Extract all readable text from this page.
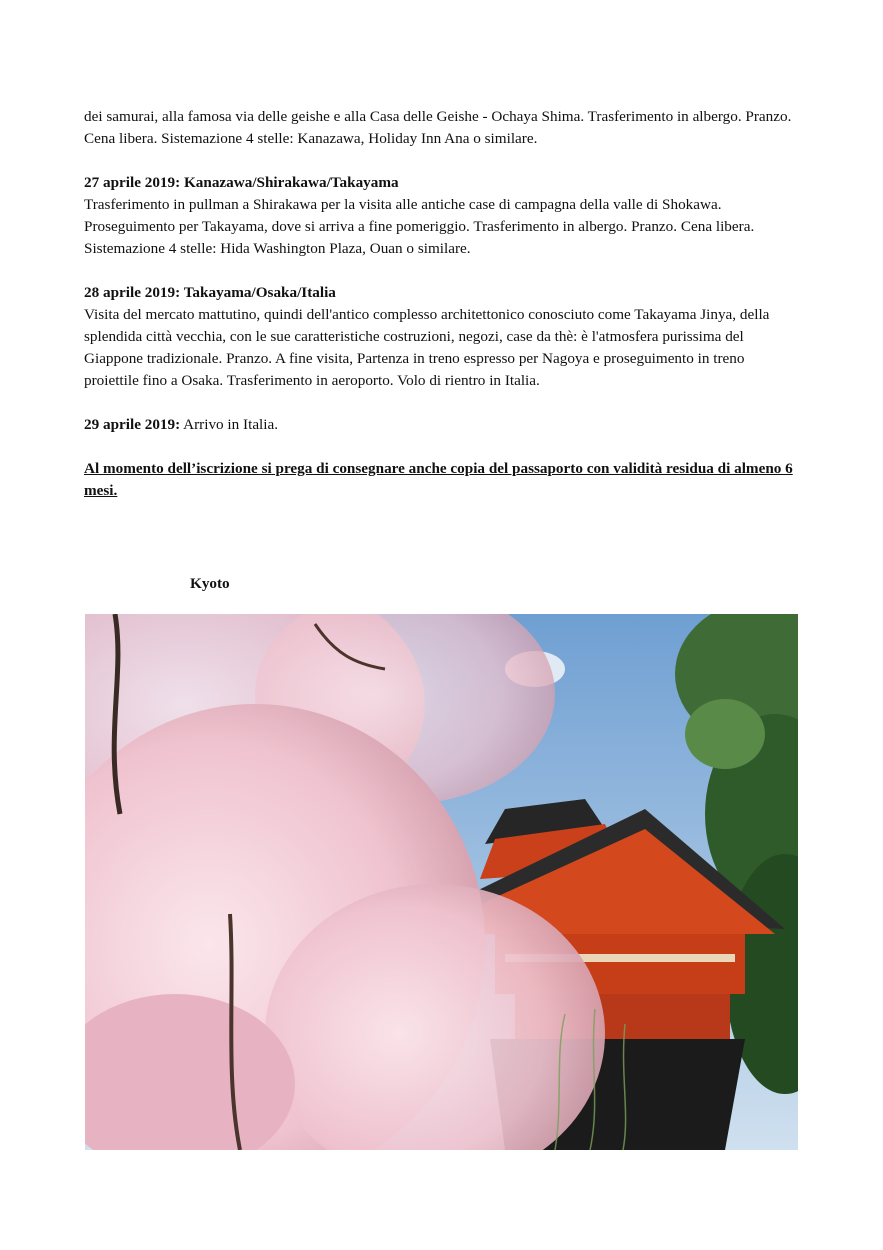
dei samurai, alla famosa via delle geishe e alla Casa delle Geishe - Ochaya Shima. Trasferimento in albergo. Pranzo. Cena libera. Sistemazione 4 stelle: Kanazawa, Holiday Inn Ana o similare.

27 aprile 2019: Kanazawa/Shirakawa/Takayama
Trasferimento in pullman a Shirakawa per la visita alle antiche case di campagna della valle di Shokawa. Proseguimento per Takayama, dove si arriva a fine pomeriggio. Trasferimento in albergo. Pranzo. Cena libera.
Sistemazione 4 stelle: Hida Washington Plaza, Ouan o similare.

28 aprile 2019: Takayama/Osaka/Italia
Visita del mercato mattutino, quindi dell'antico complesso architettonico conosciuto come Takayama Jinya, della splendida città vecchia, con le sue caratteristiche costruzioni, negozi, case da thè: è l'atmosfera purissima del Giappone tradizionale. Pranzo. A fine visita, Partenza in treno espresso per Nagoya e proseguimento in treno proiettile fino a Osaka. Trasferimento in aeroporto. Volo di rientro in Italia.

29 aprile 2019: Arrivo in Italia.

Al momento dell’iscrizione si prega di consegnare anche copia del passaporto con validità residua di almeno 6 mesi.

Kyoto
